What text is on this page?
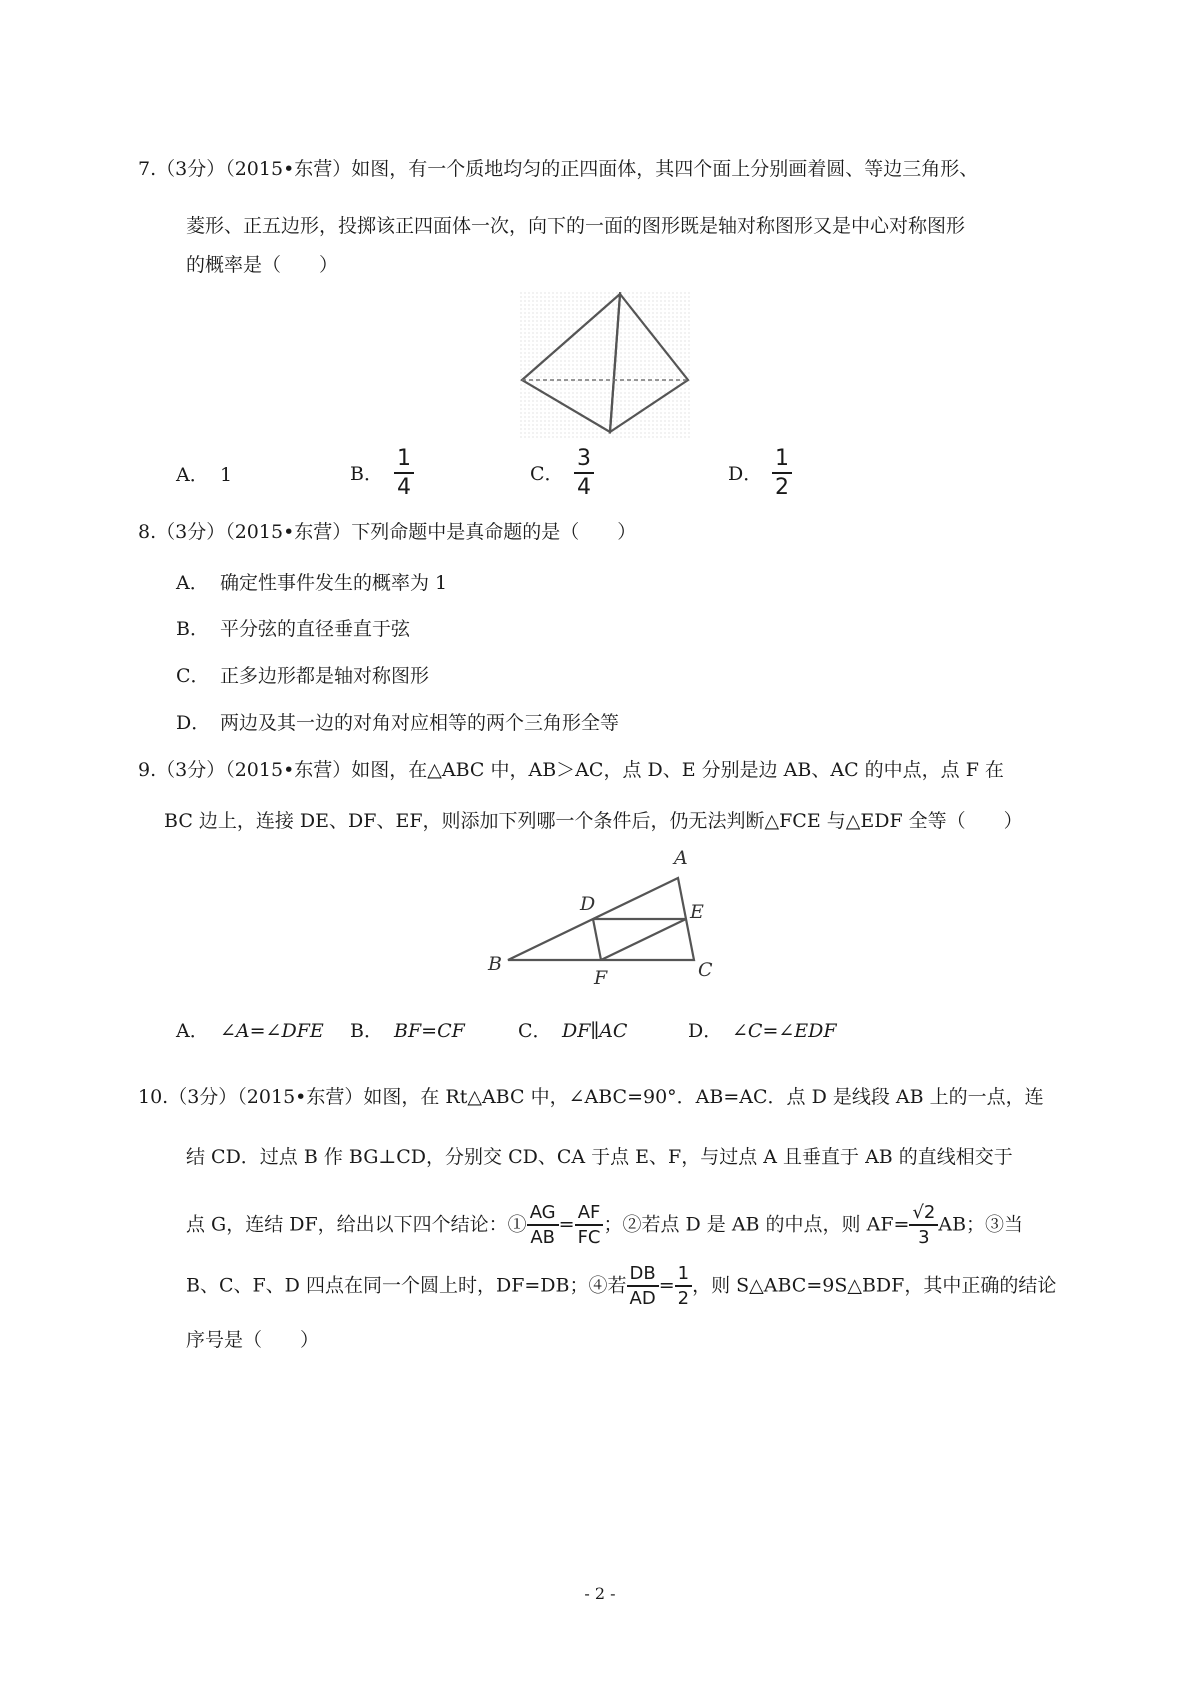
7.（3分）（2015•东营）如图，有一个质地均匀的正四面体，其四个面上分别画着圆、等边三角形、
菱形、正五边形，投掷该正四面体一次，向下的一面的图形既是轴对称图形又是中心对称图形
的概率是（　　）
A． 1	B． $\frac{1}{4}$	C． $\frac{3}{4}$	D． $\frac{1}{2}$
8.（3分）（2015•东营）下列命题中是真命题的是（　　）
A． 确定性事件发生的概率为 1
B． 平分弦的直径垂直于弦
C． 正多边形都是轴对称图形
D． 两边及其一边的对角对应相等的两个三角形全等
9.（3分）（2015•东营）如图，在△ABC 中，AB＞AC，点 D、E 分别是边 AB、AC 的中点，点 F 在
BC 边上，连接 DE、DF、EF，则添加下列哪一个条件后，仍无法判断△FCE 与△EDF 全等（　　）
A
B	C
D	E
F
A． ∠A=∠DFE B． BF=CF	C． DF∥AC	D． ∠C=∠EDF
10.（3分）（2015•东营）如图，在 Rt△ABC 中，∠ABC=90°．AB=AC．点 D 是线段 AB 上的一点，连
结 CD．过点 B 作 BG⊥CD，分别交 CD、CA 于点 E、F，与过点 A 且垂直于 AB 的直线相交于
点 G，连结 DF，给出以下四个结论：① $\frac{AG}{AB} = \frac{AF}{FC}$ ；②若点 D 是 AB 的中点，则 $AF= \frac{√2}{3}$ AB；③当
B、C、F、D 四点在同一个圆上时，DF=DB；④若 $\frac{DB}{AD} = \frac{1}{2}$ ，则 S△ABC=9S△BDF，其中正确的结论
序号是（　　）
- 2 -
